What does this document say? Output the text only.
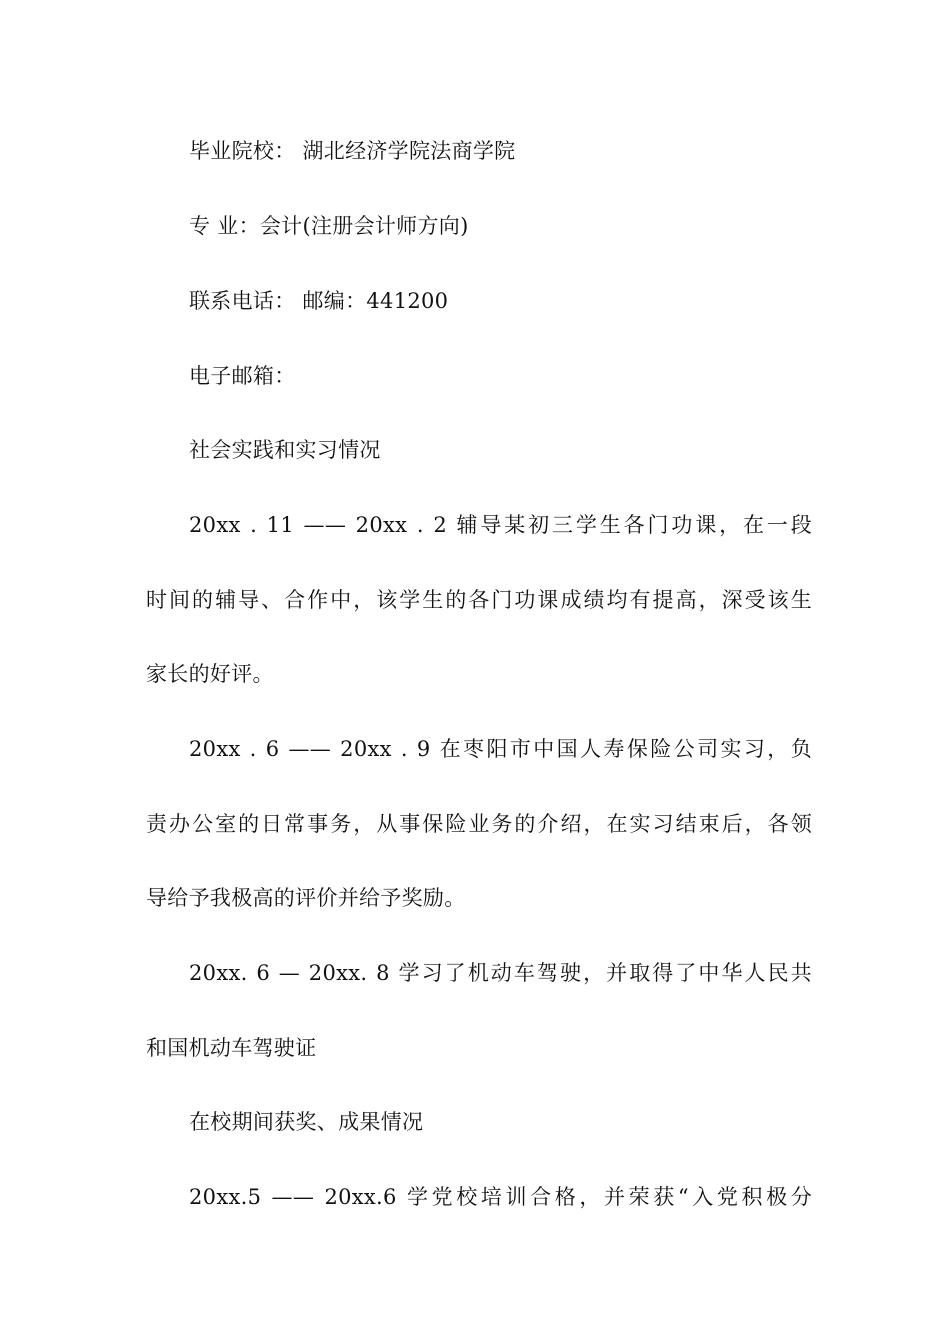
毕业院校： 湖北经济学院法商学院
专 业：会计(注册会计师方向)
联系电话： 邮编：441200
电子邮箱：
社会实践和实习情况
20xx . 11 —— 20xx . 2 辅导某初三学生各门功课，在一段
时间的辅导、合作中，该学生的各门功课成绩均有提高，深受该生
家长的好评。
20xx . 6 —— 20xx . 9 在枣阳市中国人寿保险公司实习，负
责办公室的日常事务，从事保险业务的介绍，在实习结束后，各领
导给予我极高的评价并给予奖励。
20xx. 6 — 20xx. 8 学习了机动车驾驶，并取得了中华人民共
和国机动车驾驶证
在校期间获奖、成果情况
20xx.5 —— 20xx.6 学党校培训合格，并荣获“入党积极分
